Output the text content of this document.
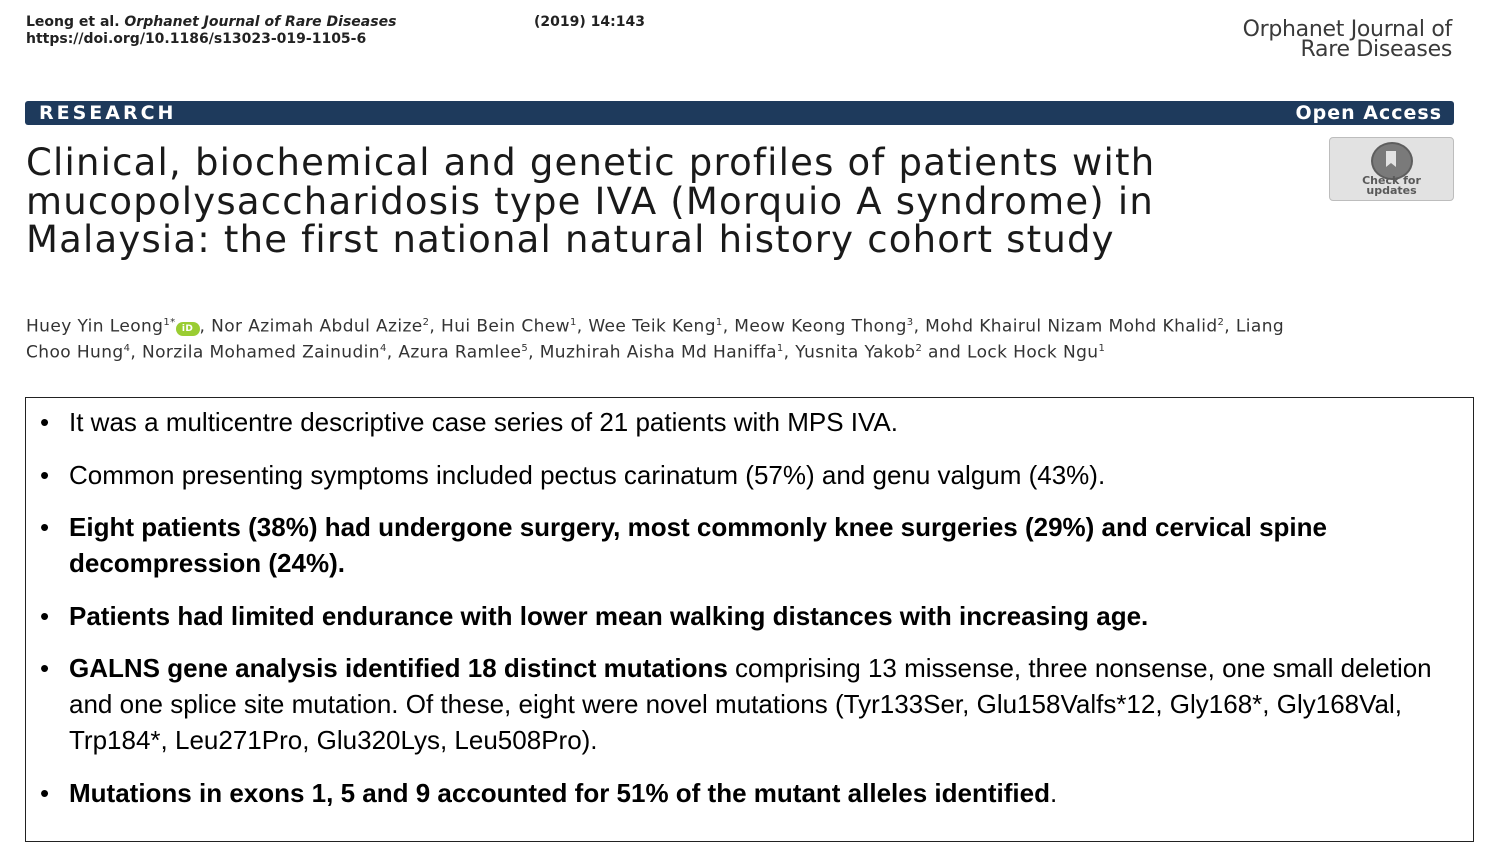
Leong et al. Orphanet Journal of Rare Diseases	(2019) 14:143
https://doi.org/10.1186/s13023-019-1105-6	Orphanet Journal of
Rare Diseases
RESEARCH	Open Access
Clinical, biochemical and genetic profiles of patients with mucopolysaccharidosis type IVA (Morquio A syndrome) in Malaysia: the first national natural history cohort study
Check for
updates
Huey Yin Leong$^{1*}$iD , Nor Azimah Abdul Azize$^2$, Hui Bein Chew$^1$, Wee Teik Keng$^1$, Meow Keong Thong$^3$, Mohd Khairul Nizam Mohd Khalid$^2$, Liang Choo Hung$^4$, Norzila Mohamed Zainudin$^4$, Azura Ramlee$^5$, Muzhirah Aisha Md Haniffa$^1$, Yusnita Yakob$^2$ and Lock Hock Ngu$^1$
• It was a multicentre descriptive case series of 21 patients with MPS IVA.
• Common presenting symptoms included pectus carinatum (57%) and genu valgum (43%).
• Eight patients (38%) had undergone surgery, most commonly knee surgeries (29%) and cervical spine decompression (24%).
• Patients had limited endurance with lower mean walking distances with increasing age.
• GALNS gene analysis identified 18 distinct mutations comprising 13 missense, three nonsense, one small deletion and one splice site mutation. Of these, eight were novel mutations (Tyr133Ser, Glu158Valfs*12, Gly168*, Gly168Val, Trp184*, Leu271Pro, Glu320Lys, Leu508Pro).
• Mutations in exons 1, 5 and 9 accounted for 51% of the mutant alleles identified.
